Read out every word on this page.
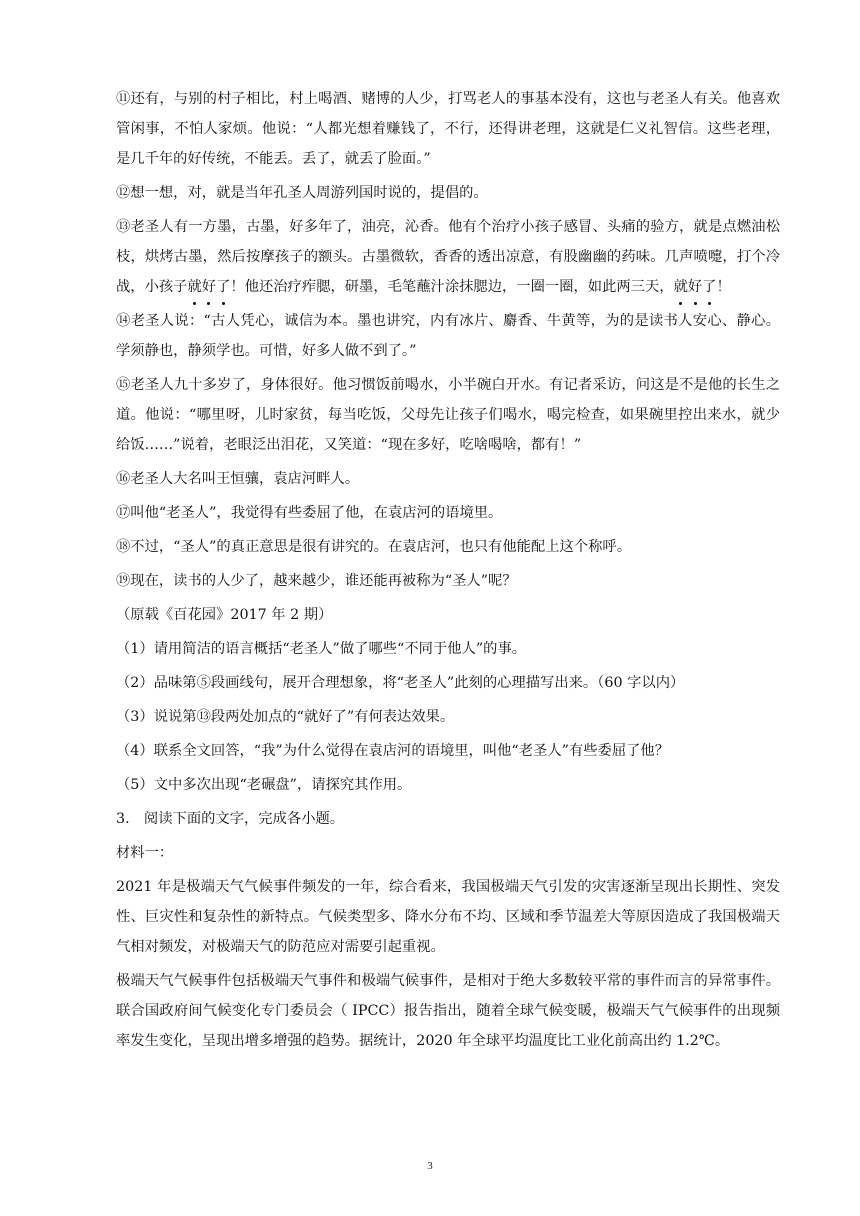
⑪还有，与别的村子相比，村上喝酒、赌博的人少，打骂老人的事基本没有，这也与老圣人有关。他喜欢管闲事，不怕人家烦。他说：“人都光想着赚钱了，不行，还得讲老理，这就是仁义礼智信。这些老理，是几千年的好传统，不能丢。丢了，就丢了脸面。”

⑫想一想，对，就是当年孔圣人周游列国时说的，提倡的。

⑬老圣人有一方墨，古墨，好多年了，油亮，沁香。他有个治疗小孩子感冒、头痛的验方，就是点燃油松枝，烘烤古墨，然后按摩孩子的额头。古墨微软，香香的透出凉意，有股幽幽的药味。几声喷嚏，打个冷战，小孩子就好了！他还治疗痄腮，研墨，毛笔蘸汁涂抹腮边，一圈一圈，如此两三天，就好了！

⑭老圣人说：“古人凭心，诚信为本。墨也讲究，内有冰片、麝香、牛黄等，为的是读书人安心、静心。学须静也，静须学也。可惜，好多人做不到了。”

⑮老圣人九十多岁了，身体很好。他习惯饭前喝水，小半碗白开水。有记者采访，问这是不是他的长生之道。他说：“哪里呀，儿时家贫，每当吃饭，父母先让孩子们喝水，喝完检查，如果碗里控出来水，就少给饭……”说着，老眼泛出泪花，又笑道：“现在多好，吃啥喝啥，都有！”

⑯老圣人大名叫王恒骧，袁店河畔人。

⑰叫他“老圣人”，我觉得有些委屈了他，在袁店河的语境里。

⑱不过，“圣人”的真正意思是很有讲究的。在袁店河，也只有他能配上这个称呼。

⑲现在，读书的人少了，越来越少，谁还能再被称为“圣人”呢？

（原载《百花园》2017 年 2 期）

（1）请用简洁的语言概括“老圣人”做了哪些“不同于他人”的事。

（2）品味第⑤段画线句，展开合理想象，将“老圣人”此刻的心理描写出来。（60 字以内）

（3）说说第⑬段两处加点的“就好了”有何表达效果。

（4）联系全文回答，“我”为什么觉得在袁店河的语境里，叫他“老圣人”有些委屈了他？

（5）文中多次出现“老碾盘”，请探究其作用。

3.　阅读下面的文字，完成各小题。

材料一：

2021 年是极端天气气候事件频发的一年，综合看来，我国极端天气引发的灾害逐渐呈现出长期性、突发性、巨灾性和复杂性的新特点。气候类型多、降水分布不均、区域和季节温差大等原因造成了我国极端天气相对频发，对极端天气的防范应对需要引起重视。

极端天气气候事件包括极端天气事件和极端气候事件，是相对于绝大多数较平常的事件而言的异常事件。联合国政府间气候变化专门委员会（ IPCC）报告指出，随着全球气候变暖，极端天气气候事件的出现频率发生变化，呈现出增多增强的趋势。据统计，2020 年全球平均温度比工业化前高出约 1.2℃。

3
